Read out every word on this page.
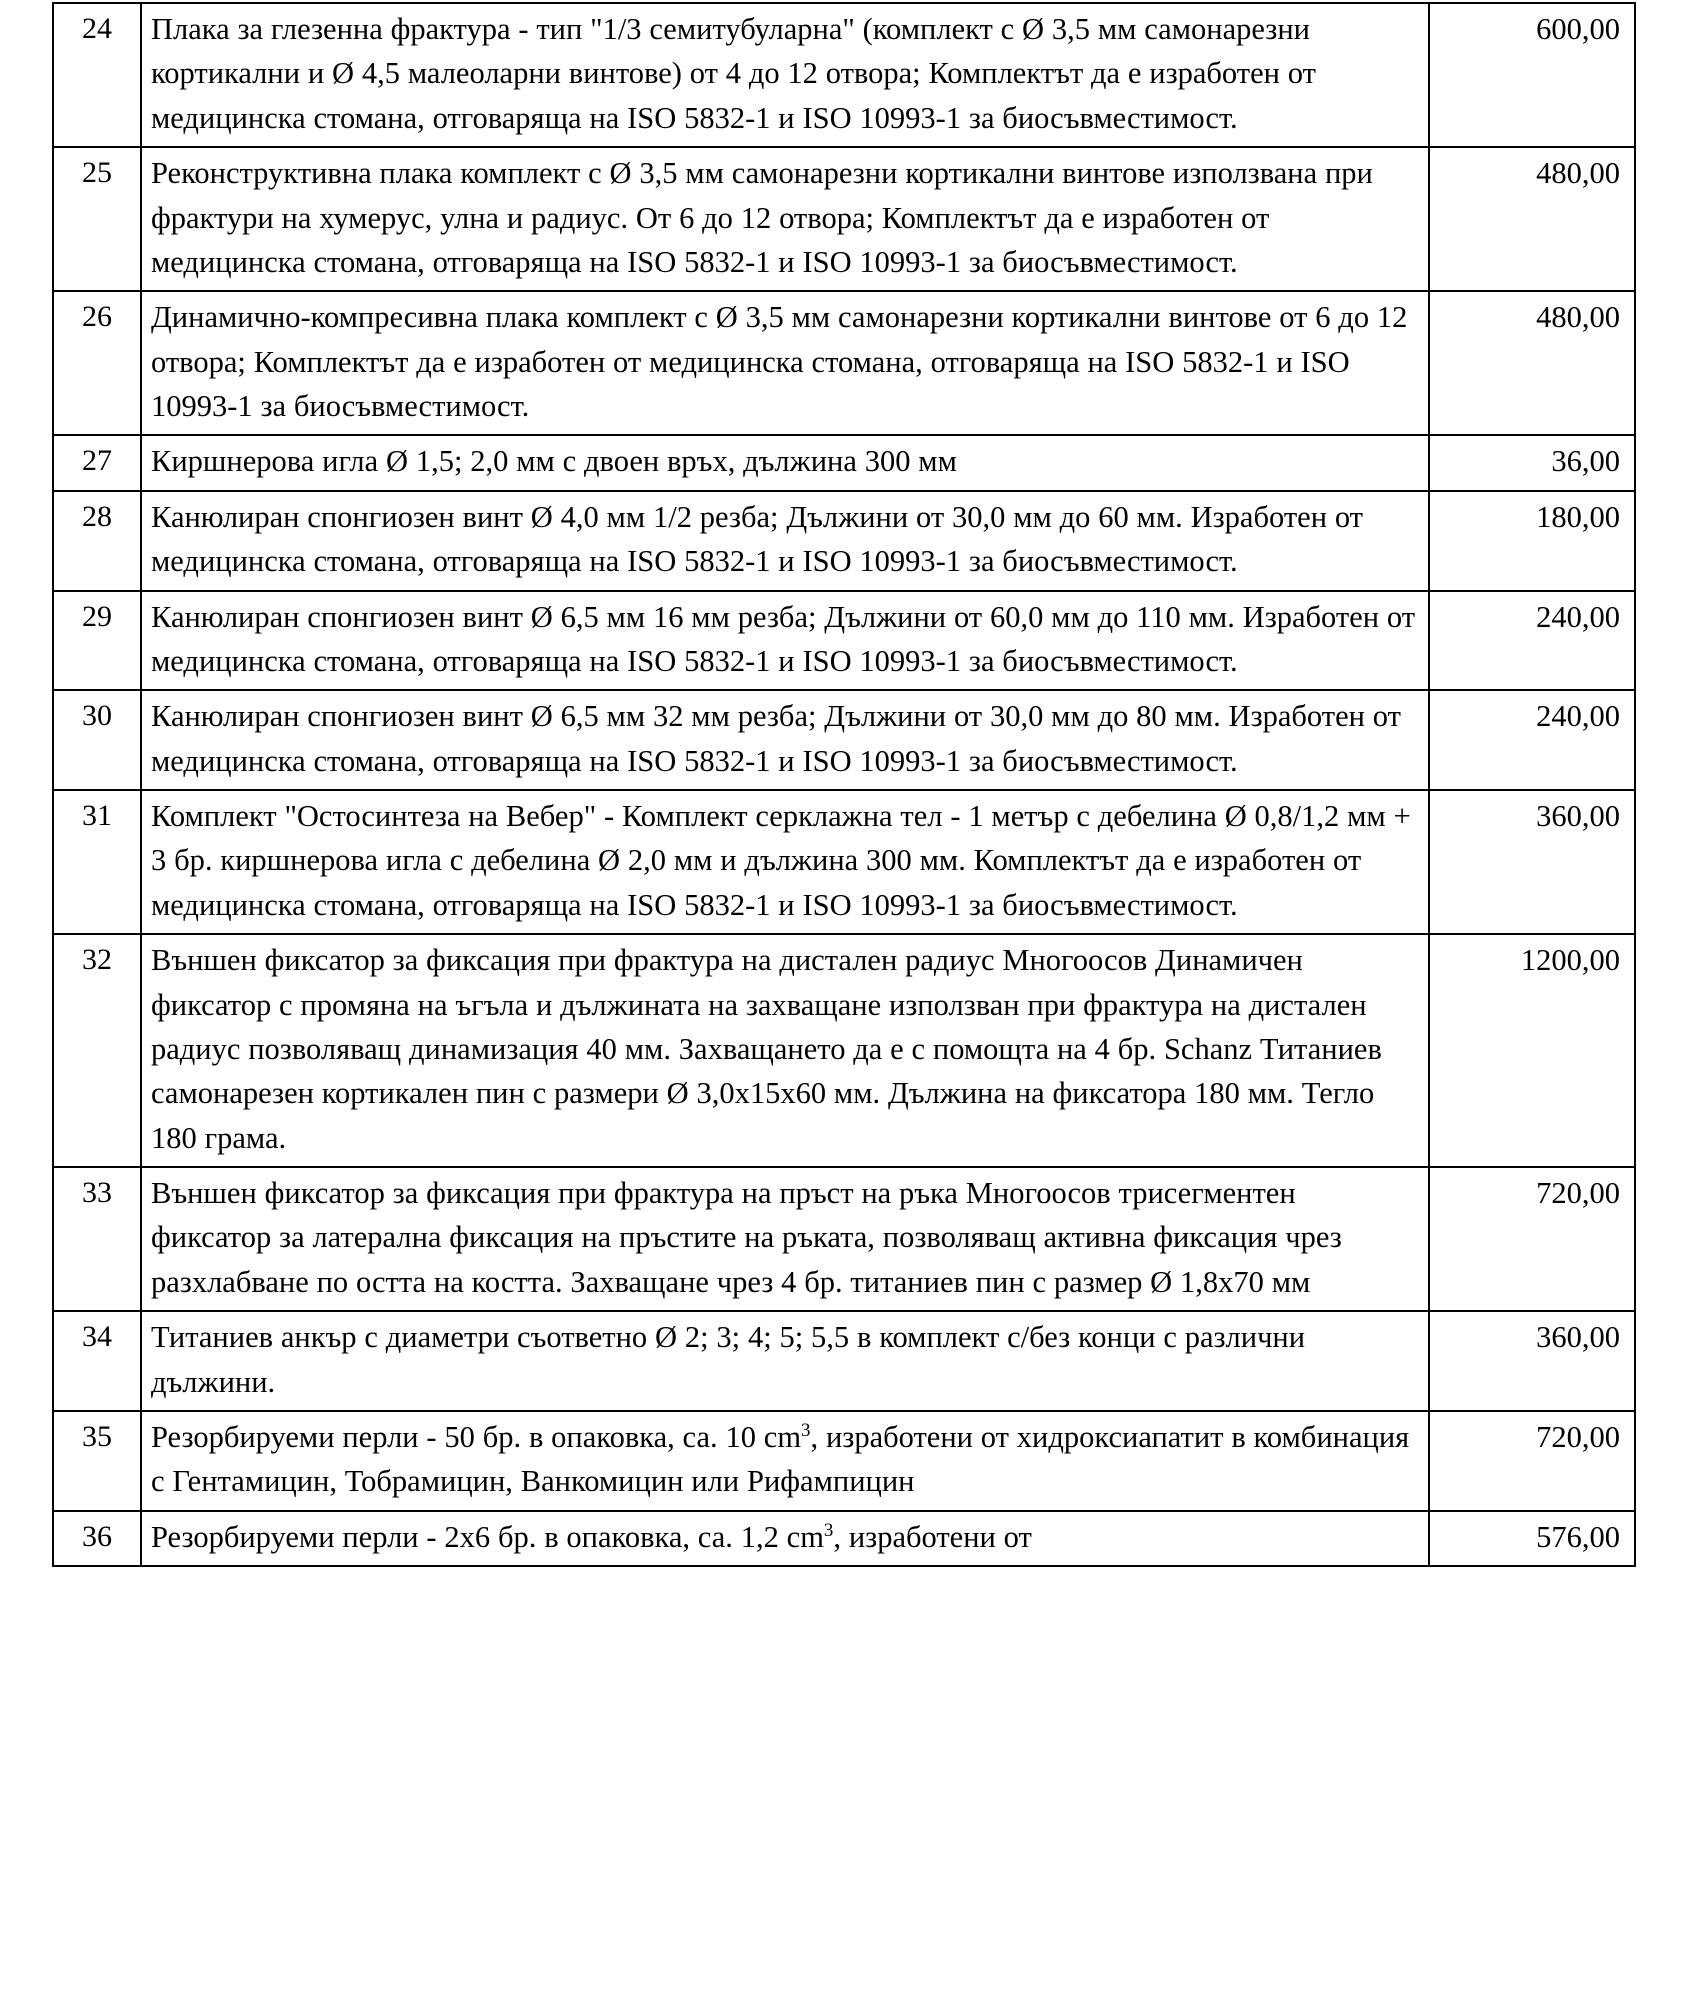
24	Плака за глезенна фрактура - тип "1/3 семитубуларна" (комплект с Ø 3,5 мм самонарезни кортикални и Ø 4,5 малеоларни винтове) от 4 до 12 отвора; Комплектът да е изработен от медицинска стомана, отговаряща на ISO 5832-1 и ISO 10993-1 за биосъвместимост.	600,00
25	Реконструктивна плака комплект с Ø 3,5 мм самонарезни кортикални винтове използвана при фрактури на хумерус, улна и радиус. От 6 до 12 отвора; Комплектът да е изработен от медицинска стомана, отговаряща на ISO 5832-1 и ISO 10993-1 за биосъвместимост.	480,00
26	Динамично-компресивна плака комплект с Ø 3,5 мм самонарезни кортикални винтове от 6 до 12 отвора; Комплектът да е изработен от медицинска стомана, отговаряща на ISO 5832-1 и ISO 10993-1 за биосъвместимост.	480,00
27	Киршнерова игла Ø 1,5; 2,0 мм с двоен връх, дължина 300 мм	36,00
28	Канюлиран спонгиозен винт Ø 4,0 мм 1/2 резба; Дължини от 30,0 мм до 60 мм. Изработен от медицинска стомана, отговаряща на ISO 5832-1 и ISO 10993-1 за биосъвместимост.	180,00
29	Канюлиран спонгиозен винт Ø 6,5 мм 16 мм резба; Дължини от 60,0 мм до 110 мм. Изработен от медицинска стомана, отговаряща на ISO 5832-1 и ISO 10993-1 за биосъвместимост.	240,00
30	Канюлиран спонгиозен винт Ø 6,5 мм 32 мм резба; Дължини от 30,0 мм до 80 мм. Изработен от медицинска стомана, отговаряща на ISO 5832-1 и ISO 10993-1 за биосъвместимост.	240,00
31	Комплект "Остосинтеза на Вебер" - Комплект серклажна тел - 1 метър с дебелина Ø 0,8/1,2 мм + 3 бр. киршнерова игла с дебелина Ø 2,0 мм и дължина 300 мм. Комплектът да е изработен от медицинска стомана, отговаряща на ISO 5832-1 и ISO 10993-1 за биосъвместимост.	360,00
32	Външен фиксатор за фиксация при фрактура на дистален радиус Многоосов Динамичен фиксатор с промяна на ъгъла и дължината на захващане използван при фрактура на дистален радиус позволяващ динамизация 40 мм. Захващането да е с помощта на 4 бр. Schanz Титаниев самонарезен кортикален пин с размери Ø 3,0x15x60 мм. Дължина на фиксатора 180 мм. Тегло 180 грама.	1200,00
33	Външен фиксатор за фиксация при фрактура на пръст на ръка Многоосов трисегментен фиксатор за латерална фиксация на пръстите на ръката, позволяващ активна фиксация чрез разхлабване по остта на костта. Захващане чрез 4 бр. титаниев пин с размер Ø 1,8x70 мм	720,00
34	Титаниев анкър с диаметри съответно Ø 2; 3; 4; 5; 5,5 в комплект с/без конци с различни дължини.	360,00
35	Резорбируеми перли - 50 бр. в опаковка, са. 10 $cm^3$, изработени от хидроксиапатит в комбинация с Гентамицин, Тобрамицин, Ванкомицин или Рифампицин	720,00
36	Резорбируеми перли - 2x6 бр. в опаковка, са. 1,2 $cm^3$, изработени от	576,00
